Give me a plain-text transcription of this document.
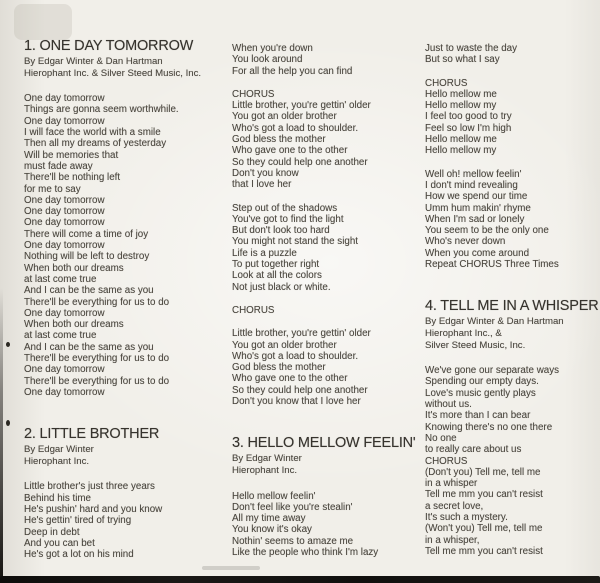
1. ONE DAY TOMORROW
By Edgar Winter & Dan Hartman
Hierophant Inc. & Silver Steed Music, Inc.
One day tomorrow
Things are gonna seem worthwhile.
One day tomorrow
I will face the world with a smile
Then all my dreams of yesterday
Will be memories that
must fade away
There'll be nothing left
for me to say
One day tomorrow
One day tomorrow
One day tomorrow
There will come a time of joy
One day tomorrow
Nothing will be left to destroy
When both our dreams
at last come true
And I can be the same as you
There'll be everything for us to do
One day tomorrow
When both our dreams
at last come true
And I can be the same as you
There'll be everything for us to do
One day tomorrow
There'll be everything for us to do
One day tomorrow
2. LITTLE BROTHER
By Edgar Winter
Hierophant Inc.
Little brother's just three years
Behind his time
He's pushin' hard and you know
He's gettin' tired of trying
Deep in debt
And you can bet
He's got a lot on his mind
When you're down
You look around
For all the help you can find
CHORUS
Little brother, you're gettin' older
You got an older brother
Who's got a load to shoulder.
God bless the mother
Who gave one to the other
So they could help one another
Don't you know
that I love her
Step out of the shadows
You've got to find the light
But don't look too hard
You might not stand the sight
Life is a puzzle
To put together right
Look at all the colors
Not just black or white.
CHORUS
Little brother, you're gettin' older
You got an older brother
Who's got a load to shoulder.
God bless the mother
Who gave one to the other
So they could help one another
Don't you know that I love her
3. HELLO MELLOW FEELIN'
By Edgar Winter
Hierophant Inc.
Hello mellow feelin'
Don't feel like you're stealin'
All my time away
You know it's okay
Nothin' seems to amaze me
Like the people who think I'm lazy
Just to waste the day
But so what I say
CHORUS
Hello mellow me
Hello mellow my
I feel too good to try
Feel so low I'm high
Hello mellow me
Hello mellow my
Well oh! mellow feelin'
I don't mind revealing
How we spend our time
Umm hum makin' rhyme
When I'm sad or lonely
You seem to be the only one
Who's never down
When you come around
Repeat CHORUS Three Times
4. TELL ME IN A WHISPER
By Edgar Winter & Dan Hartman
Hierophant Inc., &
Silver Steed Music, Inc.
We've gone our separate ways
Spending our empty days.
Love's music gently plays
without us.
It's more than I can bear
Knowing there's no one there
No one
to really care about us
CHORUS
(Don't you) Tell me, tell me
in a whisper
Tell me mm you can't resist
a secret love,
It's such a mystery.
(Won't you) Tell me, tell me
in a whisper,
Tell me mm you can't resist
